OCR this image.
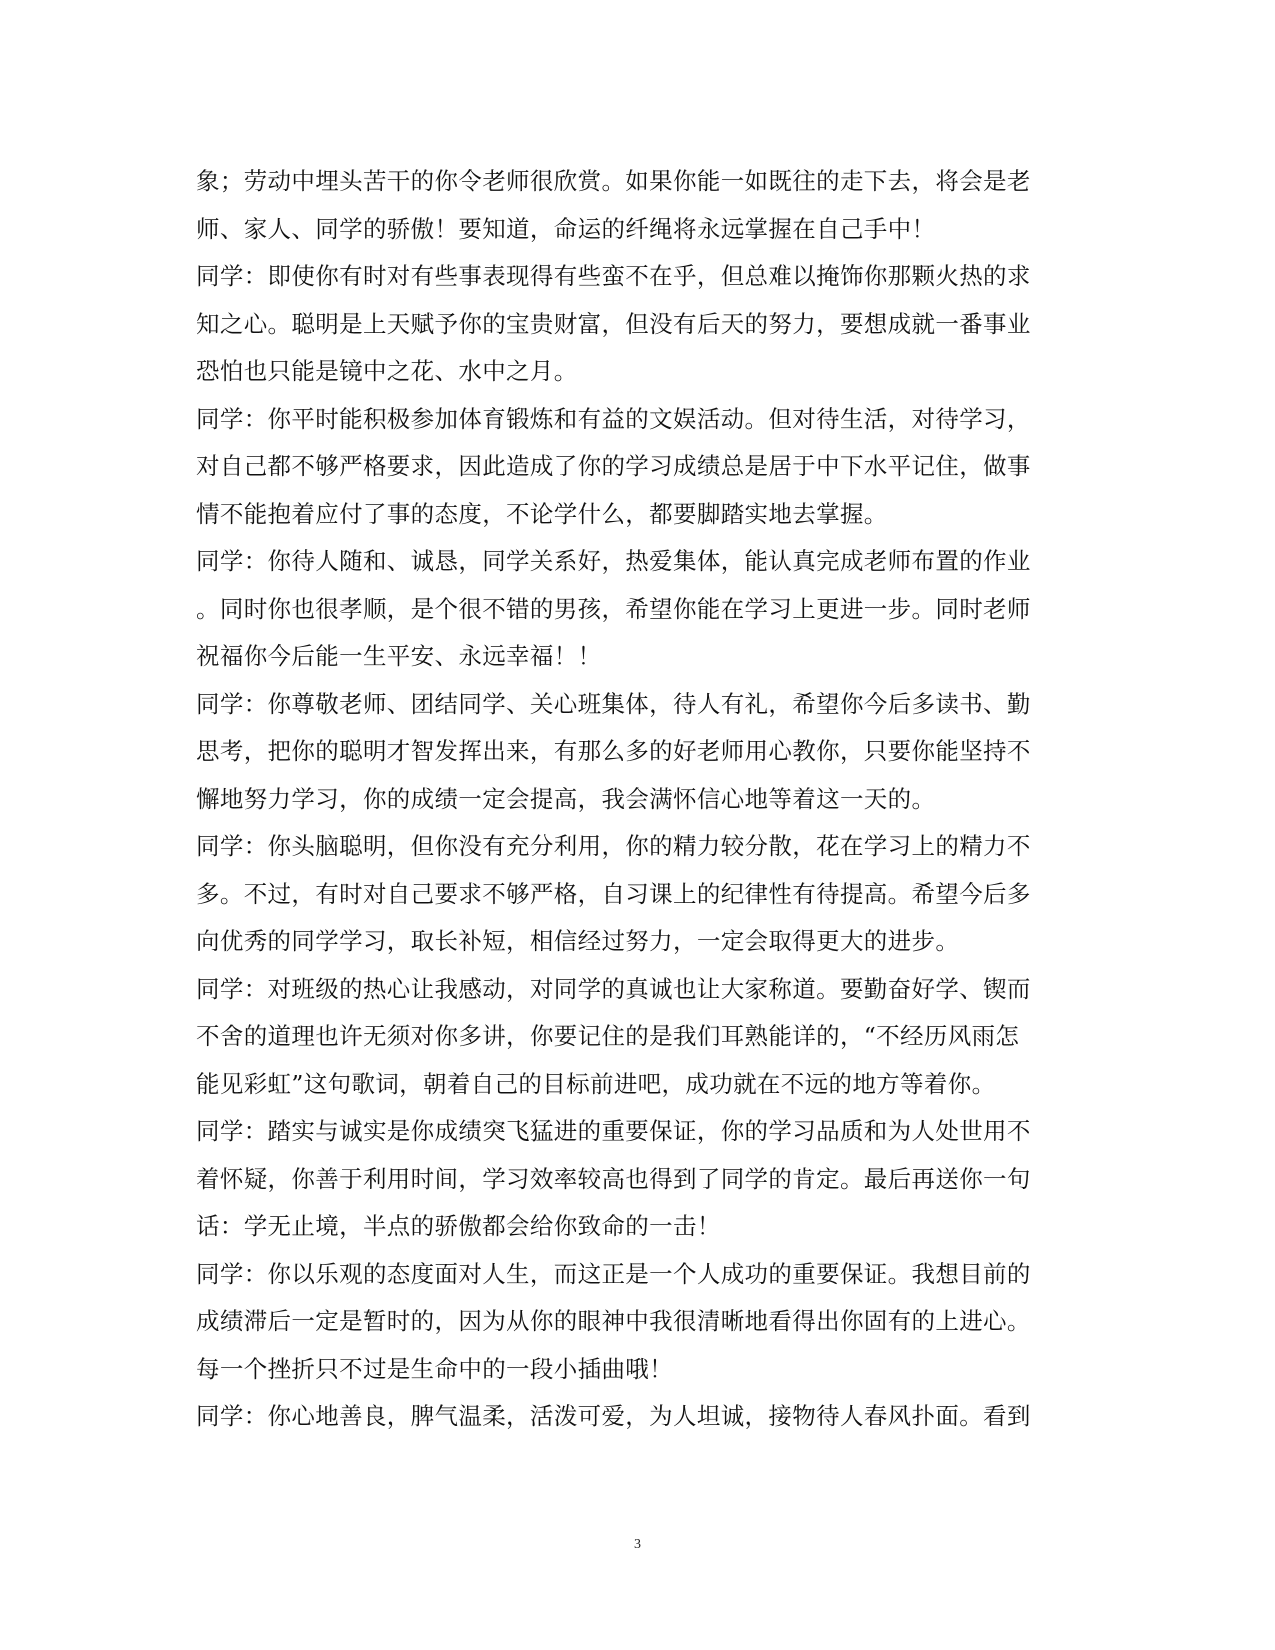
象；劳动中埋头苦干的你令老师很欣赏。如果你能一如既往的走下去，将会是老
师、家人、同学的骄傲！要知道，命运的纤绳将永远掌握在自己手中！
同学：即使你有时对有些事表现得有些蛮不在乎，但总难以掩饰你那颗火热的求
知之心。聪明是上天赋予你的宝贵财富，但没有后天的努力，要想成就一番事业
恐怕也只能是镜中之花、水中之月。
同学：你平时能积极参加体育锻炼和有益的文娱活动。但对待生活，对待学习，
对自己都不够严格要求，因此造成了你的学习成绩总是居于中下水平记住，做事
情不能抱着应付了事的态度，不论学什么，都要脚踏实地去掌握。
同学：你待人随和、诚恳，同学关系好，热爱集体，能认真完成老师布置的作业
。同时你也很孝顺，是个很不错的男孩，希望你能在学习上更进一步。同时老师
祝福你今后能一生平安、永远幸福！！
同学：你尊敬老师、团结同学、关心班集体，待人有礼，希望你今后多读书、勤
思考，把你的聪明才智发挥出来，有那么多的好老师用心教你，只要你能坚持不
懈地努力学习，你的成绩一定会提高，我会满怀信心地等着这一天的。
同学：你头脑聪明，但你没有充分利用，你的精力较分散，花在学习上的精力不
多。不过，有时对自己要求不够严格，自习课上的纪律性有待提高。希望今后多
向优秀的同学学习，取长补短，相信经过努力，一定会取得更大的进步。
同学：对班级的热心让我感动，对同学的真诚也让大家称道。要勤奋好学、锲而
不舍的道理也许无须对你多讲，你要记住的是我们耳熟能详的，“不经历风雨怎
能见彩虹”这句歌词，朝着自己的目标前进吧，成功就在不远的地方等着你。
同学：踏实与诚实是你成绩突飞猛进的重要保证，你的学习品质和为人处世用不
着怀疑，你善于利用时间，学习效率较高也得到了同学的肯定。最后再送你一句
话：学无止境，半点的骄傲都会给你致命的一击！
同学：你以乐观的态度面对人生，而这正是一个人成功的重要保证。我想目前的
成绩滞后一定是暂时的，因为从你的眼神中我很清晰地看得出你固有的上进心。
每一个挫折只不过是生命中的一段小插曲哦！
同学：你心地善良，脾气温柔，活泼可爱，为人坦诚，接物待人春风扑面。看到
3
